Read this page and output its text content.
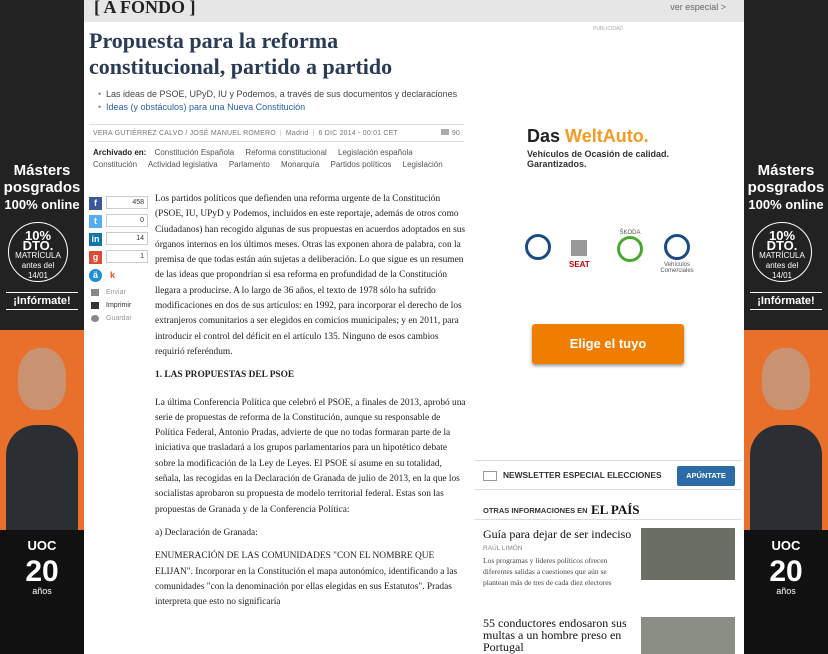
Másters
posgrados
100% online
10% DTO.
MATRÍCULA
antes del
14/01
¡Infórmate!
UOC
20
años
Másters
posgrados
100% online
10% DTO.
MATRÍCULA
antes del
14/01
¡Infórmate!
UOC
20
años
[ A FONDO ]	ver especial >
Propuesta para la reforma constitucional, partido a partido
• Las ideas de PSOE, UPyD, IU y Podemos, a través de sus documentos y declaraciones
• Ideas (y obstáculos) para una Nueva Constitución
VERA GUTIÉRREZ CALVO / JOSÉ MANUEL ROMERO | Madrid | 6 DIC 2014 - 00:01 CET	90
Archivado en: Constitución Española Reforma constitucional Legislación española
Constitución Actividad legislativa Parlamento Monarquía Partidos políticos Legislación
f	458
t	0
in	14
g	1
ä	k
Enviar
Imprimir
Guardar

Los partidos políticos que defienden una reforma urgente de la Constitución (PSOE, IU, UPyD y Podemos, incluidos en este reportaje, además de otros como Ciudadanos) han recogido algunas de sus propuestas en acuerdos adoptados en sus órganos internos en los últimos meses. Otras las exponen ahora de palabra, con la premisa de que todas están aún sujetas a deliberación. Lo que sigue es un resumen de las ideas que propondrían si esa reforma en profundidad de la Constitución llegara a producirse. A lo largo de 36 años, el texto de 1978 sólo ha sufrido modificaciones en dos de sus artículos: en 1992, para incorporar el derecho de los extranjeros comunitarios a ser elegidos en comicios municipales; y en 2011, para introducir el control del déficit en el artículo 135. Ninguno de esos cambios requirió referéndum.

1. LAS PROPUESTAS DEL PSOE

La última Conferencia Política que celebró el PSOE, a finales de 2013, aprobó una serie de propuestas de reforma de la Constitución, aunque su responsable de Política Federal, Antonio Pradas, advierte de que no todas formaran parte de la iniciativa que trasladará a los grupos parlamentarios para un hipotético debate sobre la modificación de la Ley de Leyes. El PSOE sí asume en su totalidad, señala, las recogidas en la Declaración de Granada de julio de 2013, en la que los socialistas aprobaron su propuesta de modelo territorial federal. Estas son las propuestas de Granada y de la Conferencia Política:

a) Declaración de Granada:

ENUMERACIÓN DE LAS COMUNIDADES "CON EL NOMBRE QUE ELIJAN". Incorporar en la Constitución el mapa autonómico, identificando a las comunidades "con la denominación por ellas elegidas en sus Estatutos". Pradas interpreta que esto no significaría

PUBLICIDAD
Das WeltAuto.
Vehículos de Ocasión de calidad.
Garantizados.
SEAT
ŠKODA
Vehículos Comerciales
Elige el tuyo
NEWSLETTER ESPECIAL ELECCIONES	APÚNTATE
OTRAS INFORMACIONES EN EL PAÍS
Guía para dejar de ser indeciso
RAÚL LIMÓN
Los programas y líderes políticos ofrecen diferentes salidas a cuestiones que aún se plantean más de tres de cada diez electores
55 conductores endosaron sus multas a un hombre preso en Portugal
